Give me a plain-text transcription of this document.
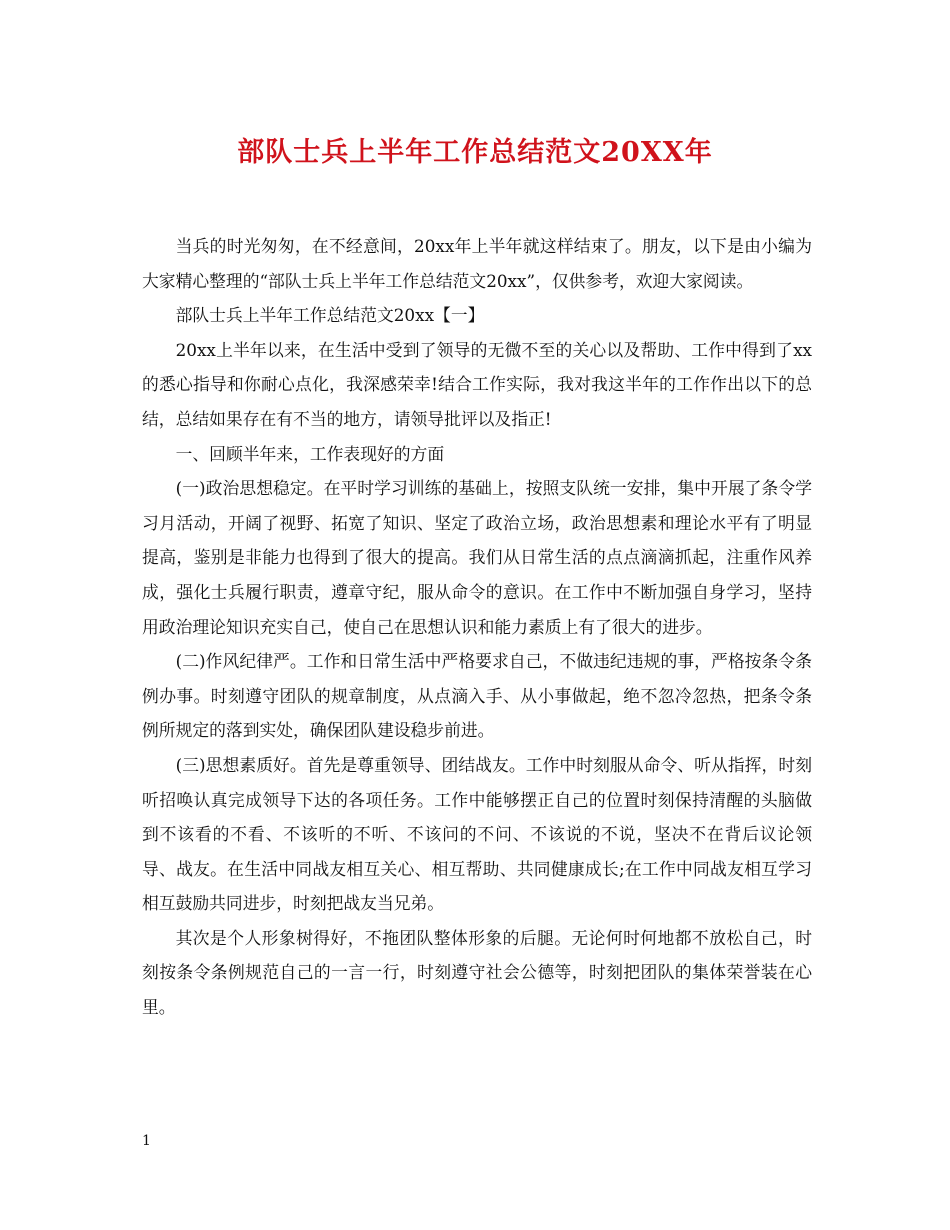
部队士兵上半年工作总结范文20XX年

当兵的时光匆匆，在不经意间，20xx年上半年就这样结束了。朋友，以下是由小编为大家精心整理的“部队士兵上半年工作总结范文20xx”，仅供参考，欢迎大家阅读。

部队士兵上半年工作总结范文20xx【一】

20xx上半年以来，在生活中受到了领导的无微不至的关心以及帮助、工作中得到了xx的悉心指导和你耐心点化，我深感荣幸!结合工作实际，我对我这半年的工作作出以下的总结，总结如果存在有不当的地方，请领导批评以及指正!

一、回顾半年来，工作表现好的方面

(一)政治思想稳定。在平时学习训练的基础上，按照支队统一安排，集中开展了条令学习月活动，开阔了视野、拓宽了知识、坚定了政治立场，政治思想素和理论水平有了明显提高，鉴别是非能力也得到了很大的提高。我们从日常生活的点点滴滴抓起，注重作风养成，强化士兵履行职责，遵章守纪，服从命令的意识。在工作中不断加强自身学习，坚持用政治理论知识充实自己，使自己在思想认识和能力素质上有了很大的进步。

(二)作风纪律严。工作和日常生活中严格要求自己，不做违纪违规的事，严格按条令条例办事。时刻遵守团队的规章制度，从点滴入手、从小事做起，绝不忽冷忽热，把条令条例所规定的落到实处，确保团队建设稳步前进。

(三)思想素质好。首先是尊重领导、团结战友。工作中时刻服从命令、听从指挥，时刻听招唤认真完成领导下达的各项任务。工作中能够摆正自己的位置时刻保持清醒的头脑做到不该看的不看、不该听的不听、不该问的不问、不该说的不说，坚决不在背后议论领导、战友。在生活中同战友相互关心、相互帮助、共同健康成长;在工作中同战友相互学习相互鼓励共同进步，时刻把战友当兄弟。

其次是个人形象树得好，不拖团队整体形象的后腿。无论何时何地都不放松自己，时刻按条令条例规范自己的一言一行，时刻遵守社会公德等，时刻把团队的集体荣誉装在心里。

1
